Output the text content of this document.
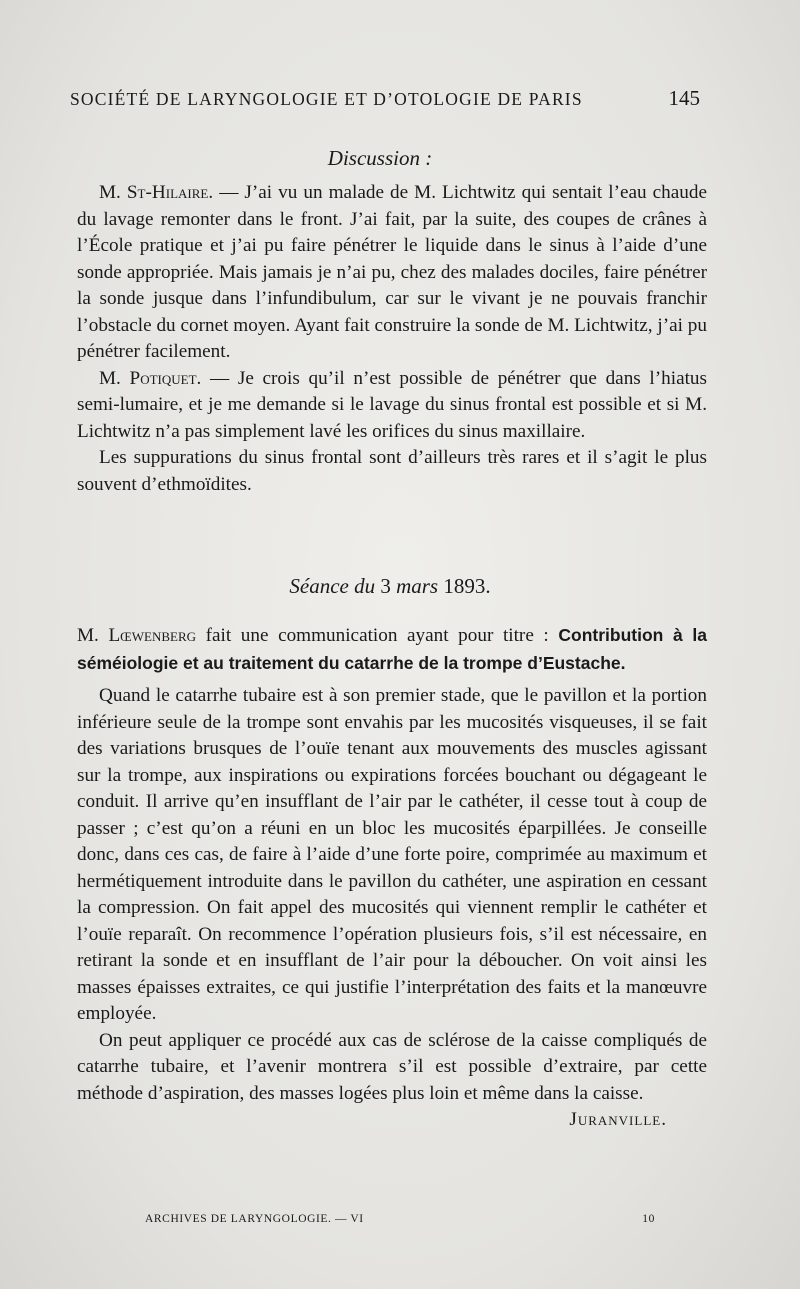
SOCIÉTÉ DE LARYNGOLOGIE ET D’OTOLOGIE DE PARIS	145
Discussion :

M. St-Hilaire. — J’ai vu un malade de M. Lichtwitz qui sentait l’eau chaude du lavage remonter dans le front. J’ai fait, par la suite, des coupes de crânes à l’École pratique et j’ai pu faire pénétrer le liquide dans le sinus à l’aide d’une sonde appropriée. Mais jamais je n’ai pu, chez des malades dociles, faire pénétrer la sonde jusque dans l’infundibulum, car sur le vivant je ne pouvais franchir l’obstacle du cornet moyen. Ayant fait construire la sonde de M. Lichtwitz, j’ai pu pénétrer facilement.

M. Potiquet. — Je crois qu’il n’est possible de pénétrer que dans l’hiatus semi-lumaire, et je me demande si le lavage du sinus frontal est possible et si M. Lichtwitz n’a pas simplement lavé les orifices du sinus maxillaire.

Les suppurations du sinus frontal sont d’ailleurs très rares et il s’agit le plus souvent d’ethmoïdites.

Séance du 3 mars 1893.

M. Lœwenberg fait une communication ayant pour titre : Contribution à la séméiologie et au traitement du catarrhe de la trompe d’Eustache.

Quand le catarrhe tubaire est à son premier stade, que le pavillon et la portion inférieure seule de la trompe sont envahis par les mucosités visqueuses, il se fait des variations brusques de l’ouïe tenant aux mouvements des muscles agissant sur la trompe, aux inspirations ou expirations forcées bouchant ou dégageant le conduit. Il arrive qu’en insufflant de l’air par le cathéter, il cesse tout à coup de passer ; c’est qu’on a réuni en un bloc les mucosités éparpillées. Je conseille donc, dans ces cas, de faire à l’aide d’une forte poire, comprimée au maximum et hermétiquement introduite dans le pavillon du cathéter, une aspiration en cessant la compression. On fait appel des mucosités qui viennent remplir le cathéter et l’ouïe reparaît. On recommence l’opération plusieurs fois, s’il est nécessaire, en retirant la sonde et en insufflant de l’air pour la déboucher. On voit ainsi les masses épaisses extraites, ce qui justifie l’interprétation des faits et la manœuvre employée.

On peut appliquer ce procédé aux cas de sclérose de la caisse compliqués de catarrhe tubaire, et l’avenir montrera s’il est possible d’extraire, par cette méthode d’aspiration, des masses logées plus loin et même dans la caisse.
Juranville.

ARCHIVES DE LARYNGOLOGIE. — VI	10
